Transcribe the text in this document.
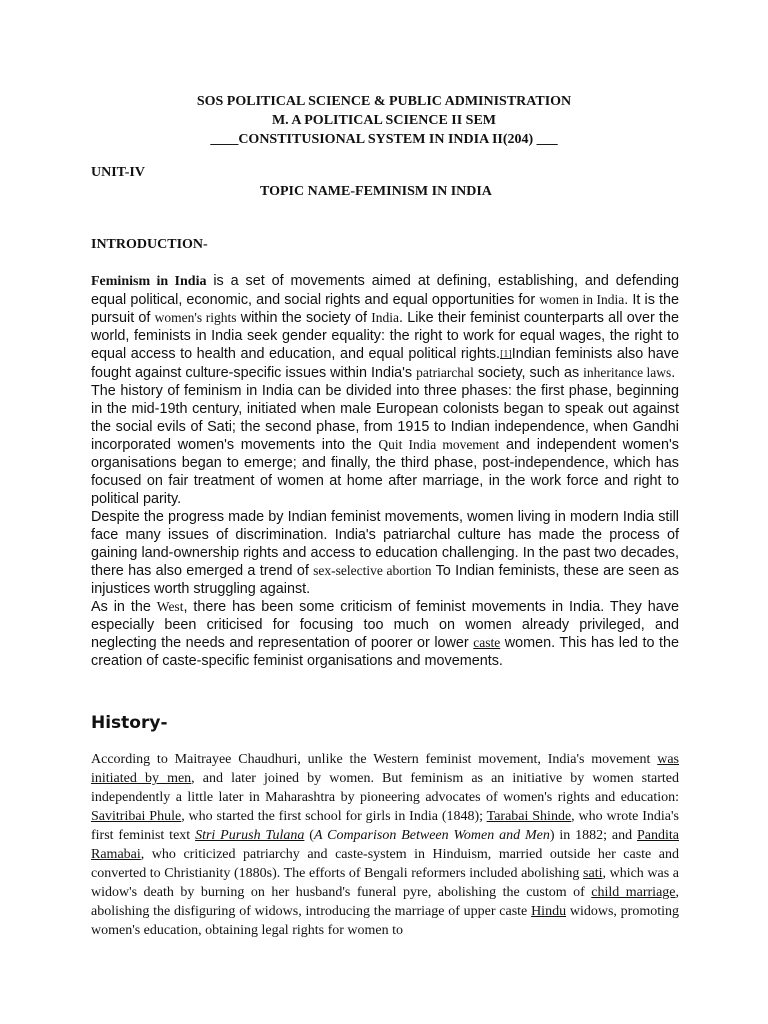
SOS POLITICAL SCIENCE & PUBLIC ADMINISTRATION
M. A POLITICAL SCIENCE II SEM
____CONSTITUSIONAL SYSTEM IN INDIA II(204) ___
UNIT-IV
TOPIC NAME-FEMINISM IN INDIA
INTRODUCTION-

Feminism in India is a set of movements aimed at defining, establishing, and defending equal political, economic, and social rights and equal opportunities for women in India. It is the pursuit of women's rights within the society of India. Like their feminist counterparts all over the world, feminists in India seek gender equality: the right to work for equal wages, the right to equal access to health and education, and equal political rights.[1]Indian feminists also have fought against culture-specific issues within India's patriarchal society, such as inheritance laws.

The history of feminism in India can be divided into three phases: the first phase, beginning in the mid-19th century, initiated when male European colonists began to speak out against the social evils of Sati; the second phase, from 1915 to Indian independence, when Gandhi incorporated women's movements into the Quit India movement and independent women's organisations began to emerge; and finally, the third phase, post-independence, which has focused on fair treatment of women at home after marriage, in the work force and right to political parity.

Despite the progress made by Indian feminist movements, women living in modern India still face many issues of discrimination. India's patriarchal culture has made the process of gaining land-ownership rights and access to education challenging. In the past two decades, there has also emerged a trend of sex-selective abortion To Indian feminists, these are seen as injustices worth struggling against.

As in the West, there has been some criticism of feminist movements in India. They have especially been criticised for focusing too much on women already privileged, and neglecting the needs and representation of poorer or lower caste women. This has led to the creation of caste-specific feminist organisations and movements.

History-

According to Maitrayee Chaudhuri, unlike the Western feminist movement, India's movement was initiated by men, and later joined by women. But feminism as an initiative by women started independently a little later in Maharashtra by pioneering advocates of women's rights and education: Savitribai Phule, who started the first school for girls in India (1848); Tarabai Shinde, who wrote India's first feminist text Stri Purush Tulana (A Comparison Between Women and Men) in 1882; and Pandita Ramabai, who criticized patriarchy and caste-system in Hinduism, married outside her caste and converted to Christianity (1880s). The efforts of Bengali reformers included abolishing sati, which was a widow's death by burning on her husband's funeral pyre, abolishing the custom of child marriage, abolishing the disfiguring of widows, introducing the marriage of upper caste Hindu widows, promoting women's education, obtaining legal rights for women to
